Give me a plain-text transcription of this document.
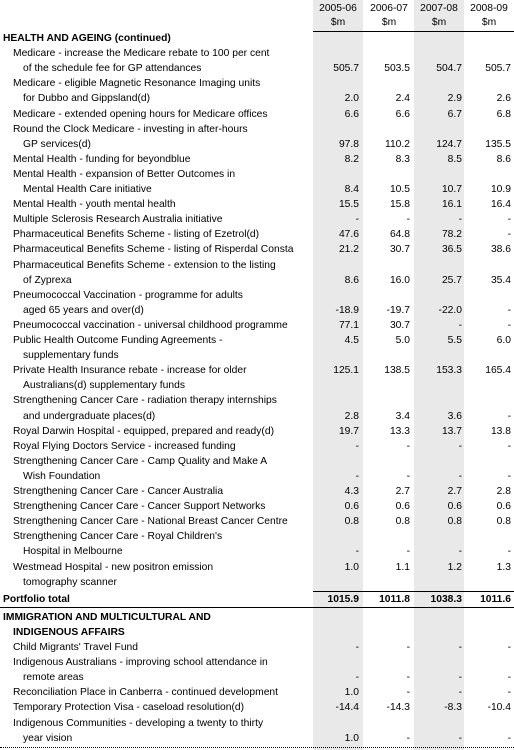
2005-06	2006-07	2007-08	2008-09
$m	$m	$m	$m
HEALTH AND AGEING (continued)
Medicare - increase the Medicare rebate to 100 per cent
of the schedule fee for GP attendances	505.7	503.5	504.7	505.7
Medicare - eligible Magnetic Resonance Imaging units
for Dubbo and Gippsland(d)	2.0	2.4	2.9	2.6
Medicare - extended opening hours for Medicare offices	6.6	6.6	6.7	6.8
Round the Clock Medicare - investing in after-hours
GP services(d)	97.8	110.2	124.7	135.5
Mental Health - funding for beyondblue	8.2	8.3	8.5	8.6
Mental Health - expansion of Better Outcomes in
Mental Health Care initiative	8.4	10.5	10.7	10.9
Mental Health - youth mental health	15.5	15.8	16.1	16.4
Multiple Sclerosis Research Australia initiative	-	-	-	-
Pharmaceutical Benefits Scheme - listing of Ezetrol(d)	47.6	64.8	78.2	-
Pharmaceutical Benefits Scheme - listing of Risperdal Consta	21.2	30.7	36.5	38.6
Pharmaceutical Benefits Scheme - extension to the listing
of Zyprexa	8.6	16.0	25.7	35.4
Pneumococcal Vaccination - programme for adults
aged 65 years and over(d)	-18.9	-19.7	-22.0	-
Pneumococcal vaccination - universal childhood programme	77.1	30.7	-	-
Public Health Outcome Funding Agreements -	4.5	5.0	5.5	6.0
supplementary funds
Private Health Insurance rebate - increase for older	125.1	138.5	153.3	165.4
Australians(d) supplementary funds
Strengthening Cancer Care - radiation therapy internships
and undergraduate places(d)	2.8	3.4	3.6	-
Royal Darwin Hospital - equipped, prepared and ready(d)	19.7	13.3	13.7	13.8
Royal Flying Doctors Service - increased funding	-	-	-	-
Strengthening Cancer Care - Camp Quality and Make A
Wish Foundation	-	-	-	-
Strengthening Cancer Care - Cancer Australia	4.3	2.7	2.7	2.8
Strengthening Cancer Care - Cancer Support Networks	0.6	0.6	0.6	0.6
Strengthening Cancer Care - National Breast Cancer Centre	0.8	0.8	0.8	0.8
Strengthening Cancer Care - Royal Children's
Hospital in Melbourne	-	-	-	-
Westmead Hospital - new positron emission	1.0	1.1	1.2	1.3
tomography scanner
Portfolio total	1015.9	1011.8	1038.3	1011.6
IMMIGRATION AND MULTICULTURAL AND
INDIGENOUS AFFAIRS
Child Migrants' Travel Fund	-	-	-	-
Indigenous Australians - improving school attendance in
remote areas	-	-	-	-
Reconciliation Place in Canberra - continued development	1.0	-	-	-
Temporary Protection Visa - caseload resolution(d)	-14.4	-14.3	-8.3	-10.4
Indigenous Communities - developing a twenty to thirty
year vision	1.0	-	-	-
